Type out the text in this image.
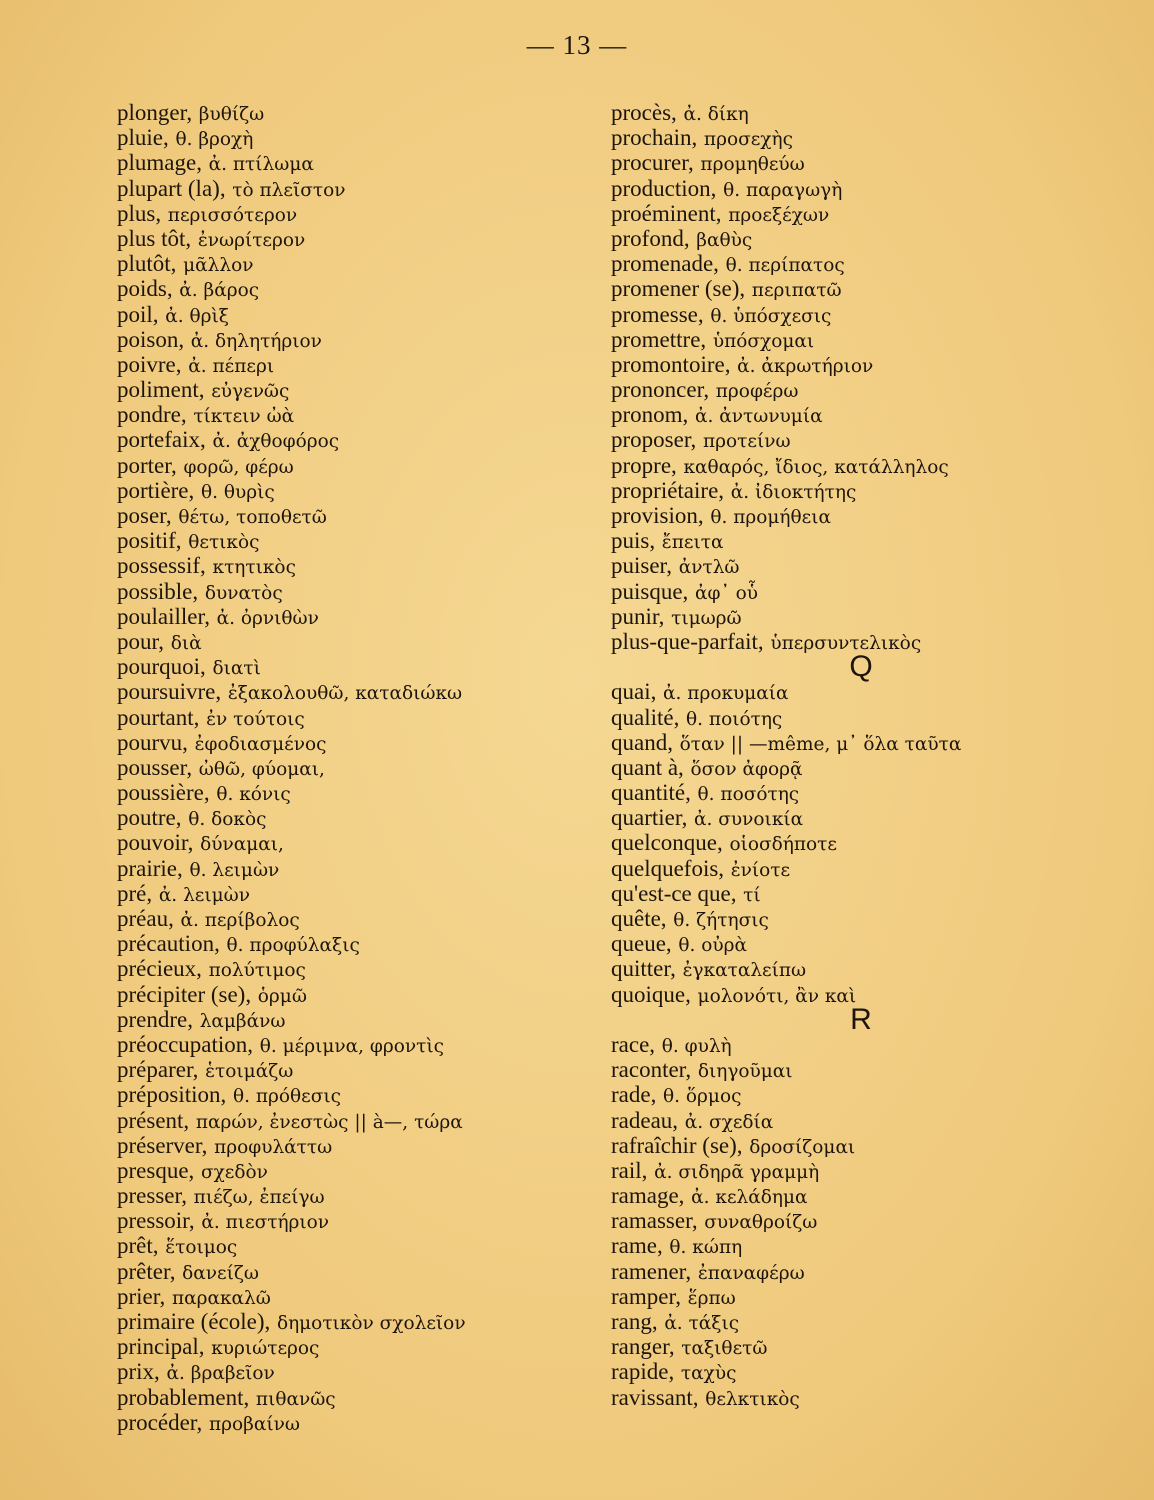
— 13 —
plonger, βυθίζω
pluie, θ. βροχὴ
plumage, ἀ. πτίλωμα
plupart (la), τὸ πλεῖστον
plus, περισσότερον
plus tôt, ἐνωρίτερον
plutôt, μᾶλλον
poids, ἀ. βάρος
poil, ἀ. θρὶξ
poison, ἀ. δηλητήριον
poivre, ἀ. πέπερι
poliment, εὐγενῶς
pondre, τίκτειν ὠὰ
portefaix, ἀ. ἀχθοφόρος
porter, φορῶ, φέρω
portière, θ. θυρὶς
poser, θέτω, τοποθετῶ
positif, θετικὸς
possessif, κτητικὸς
possible, δυνατὸς
poulailler, ἀ. ὀρνιθὼν
pour, διὰ
pourquoi, διατὶ
poursuivre, ἐξακολουθῶ, καταδιώκω
pourtant, ἐν τούτοις
pourvu, ἐφοδιασμένος
pousser, ὠθῶ, φύομαι,
poussière, θ. κόνις
poutre, θ. δοκὸς
pouvoir, δύναμαι,
prairie, θ. λειμὼν
pré, ἀ. λειμὼν
préau, ἀ. περίβολος
précaution, θ. προφύλαξις
précieux, πολύτιμος
précipiter (se), ὁρμῶ
prendre, λαμβάνω
préoccupation, θ. μέριμνα, φροντὶς
préparer, ἑτοιμάζω
préposition, θ. πρόθεσις
présent, παρών, ἐνεστὼς || à—, τώρα
préserver, προφυλάττω
presque, σχεδὸν
presser, πιέζω, ἐπείγω
pressoir, ἀ. πιεστήριον
prêt, ἕτοιμος
prêter, δανείζω
prier, παρακαλῶ
primaire (école), δημοτικὸν σχολεῖον
principal, κυριώτερος
prix, ἀ. βραβεῖον
probablement, πιθανῶς
procéder, προβαίνω
procès, ἀ. δίκη
prochain, προσεχὴς
procurer, προμηθεύω
production, θ. παραγωγὴ
proéminent, προεξέχων
profond, βαθὺς
promenade, θ. περίπατος
promener (se), περιπατῶ
promesse, θ. ὑπόσχεσις
promettre, ὑπόσχομαι
promontoire, ἀ. ἀκρωτήριον
prononcer, προφέρω
pronom, ἀ. ἀντωνυμία
proposer, προτείνω
propre, καθαρός, ἴδιος, κατάλληλος
propriétaire, ἀ. ἰδιοκτήτης
provision, θ. προμήθεια
puis, ἔπειτα
puiser, ἀντλῶ
puisque, ἀφ᾽ οὗ
punir, τιμωρῶ
plus-que-parfait, ὑπερσυντελικὸς
Q
quai, ἀ. προκυμαία
qualité, θ. ποιότης
quand, ὅταν || —même, μ᾽ ὅλα ταῦτα
quant à, ὅσον ἀφορᾷ
quantité, θ. ποσότης
quartier, ἀ. συνοικία
quelconque, οἱοσδήποτε
quelquefois, ἐνίοτε
qu'est-ce que, τί
quête, θ. ζήτησις
queue, θ. οὐρὰ
quitter, ἐγκαταλείπω
quoique, μολονότι, ἂν καὶ
R
race, θ. φυλὴ
raconter, διηγοῦμαι
rade, θ. ὅρμος
radeau, ἀ. σχεδία
rafraîchir (se), δροσίζομαι
rail, ἀ. σιδηρᾶ γραμμὴ
ramage, ἀ. κελάδημα
ramasser, συναθροίζω
rame, θ. κώπη
ramener, ἐπαναφέρω
ramper, ἕρπω
rang, ἀ. τάξις
ranger, ταξιθετῶ
rapide, ταχὺς
ravissant, θελκτικὸς
